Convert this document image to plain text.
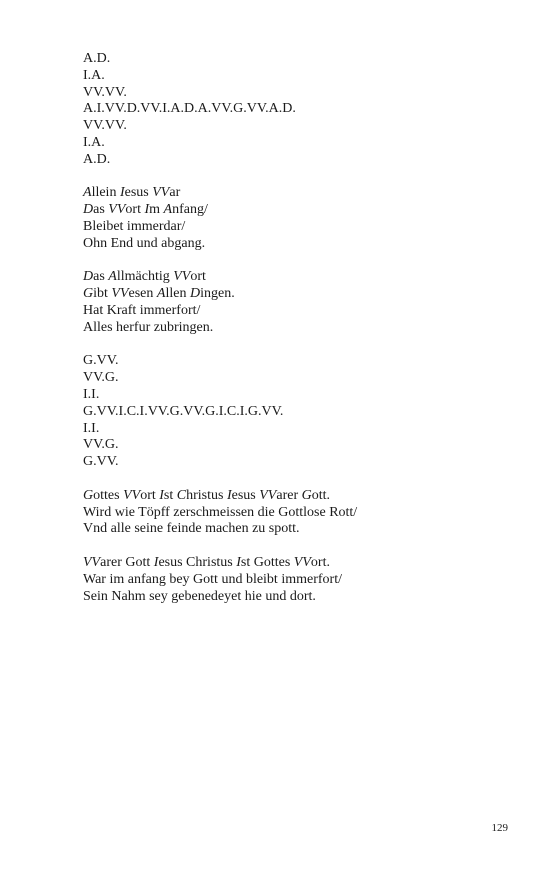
A.D.
I.A.
VV.VV.
A.I.VV.D.VV.I.A.D.A.VV.G.VV.A.D.
VV.VV.
I.A.
A.D.
Allein Iesus VVar
Das VVort Im Anfang/
Bleibet immerdar/
Ohn End und abgang.
Das Allmächtig VVort
Gibt VVesen Allen Dingen.
Hat Kraft immerfort/
Alles herfur zubringen.
G.VV.
VV.G.
I.I.
G.VV.I.C.I.VV.G.VV.G.I.C.I.G.VV.
I.I.
VV.G.
G.VV.
Gottes VVort Ist Christus Iesus VVarer Gott.
Wird wie Töpff zerschmeissen die Gottlose Rott/
Vnd alle seine feinde machen zu spott.
VVarer Gott Iesus Christus Ist Gottes VVort.
War im anfang bey Gott und bleibt immerfort/
Sein Nahm sey gebenedeyet hie und dort.
129
